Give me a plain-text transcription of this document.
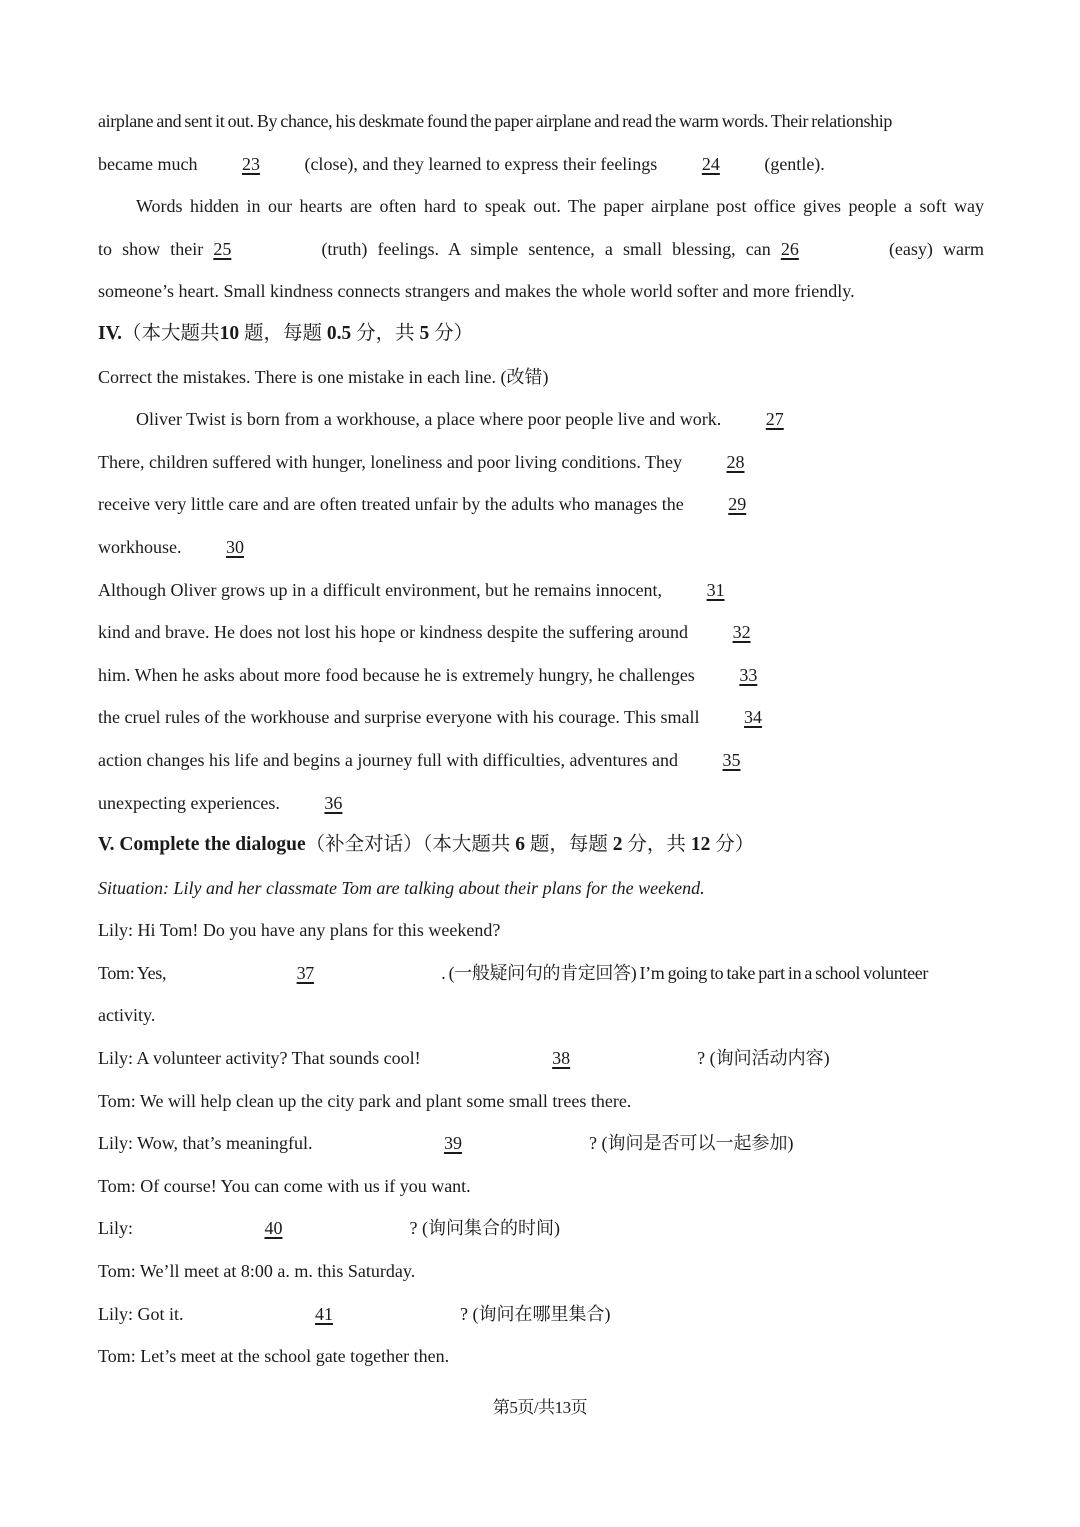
airplane and sent it out. By chance, his deskmate found the paper airplane and read the warm words. Their relationship
became much 23 (close), and they learned to express their feelings 24 (gentle).
Words hidden in our hearts are often hard to speak out. The paper airplane post office gives people a soft way
to show their 25	(truth) feelings. A simple sentence, a small blessing, can 26	(easy) warm
someone’s heart. Small kindness connects strangers and makes the whole world softer and more friendly.
IV.（本大题共10 题，每题 0.5 分，共 5 分）
Correct the mistakes. There is one mistake in each line. (改错)
Oliver Twist is born from a workhouse, a place where poor people live and work. 27
There, children suffered with hunger, loneliness and poor living conditions. They 28
receive very little care and are often treated unfair by the adults who manages the 29
workhouse. 30
Although Oliver grows up in a difficult environment, but he remains innocent, 31
kind and brave. He does not lost his hope or kindness despite the suffering around 32
him. When he asks about more food because he is extremely hungry, he challenges 33
the cruel rules of the workhouse and surprise everyone with his courage. This small 34
action changes his life and begins a journey full with difficulties, adventures and 35
unexpecting experiences. 36
V. Complete the dialogue（补全对话）（本大题共 6 题，每题 2 分，共 12 分）
Situation: Lily and her classmate Tom are talking about their plans for the weekend.
Lily: Hi Tom! Do you have any plans for this weekend?
Tom: Yes,	37	. (一般疑问句的肯定回答) I’m going to take part in a school volunteer
activity.
Lily: A volunteer activity? That sounds cool!	38	? (询问活动内容)
Tom: We will help clean up the city park and plant some small trees there.
Lily: Wow, that’s meaningful.	39	? (询问是否可以一起参加)
Tom: Of course! You can come with us if you want.
Lily:	40	? (询问集合的时间)
Tom: We’ll meet at 8:00 a. m. this Saturday.
Lily: Got it.	41	? (询问在哪里集合)
Tom: Let’s meet at the school gate together then.
第5页/共13页
